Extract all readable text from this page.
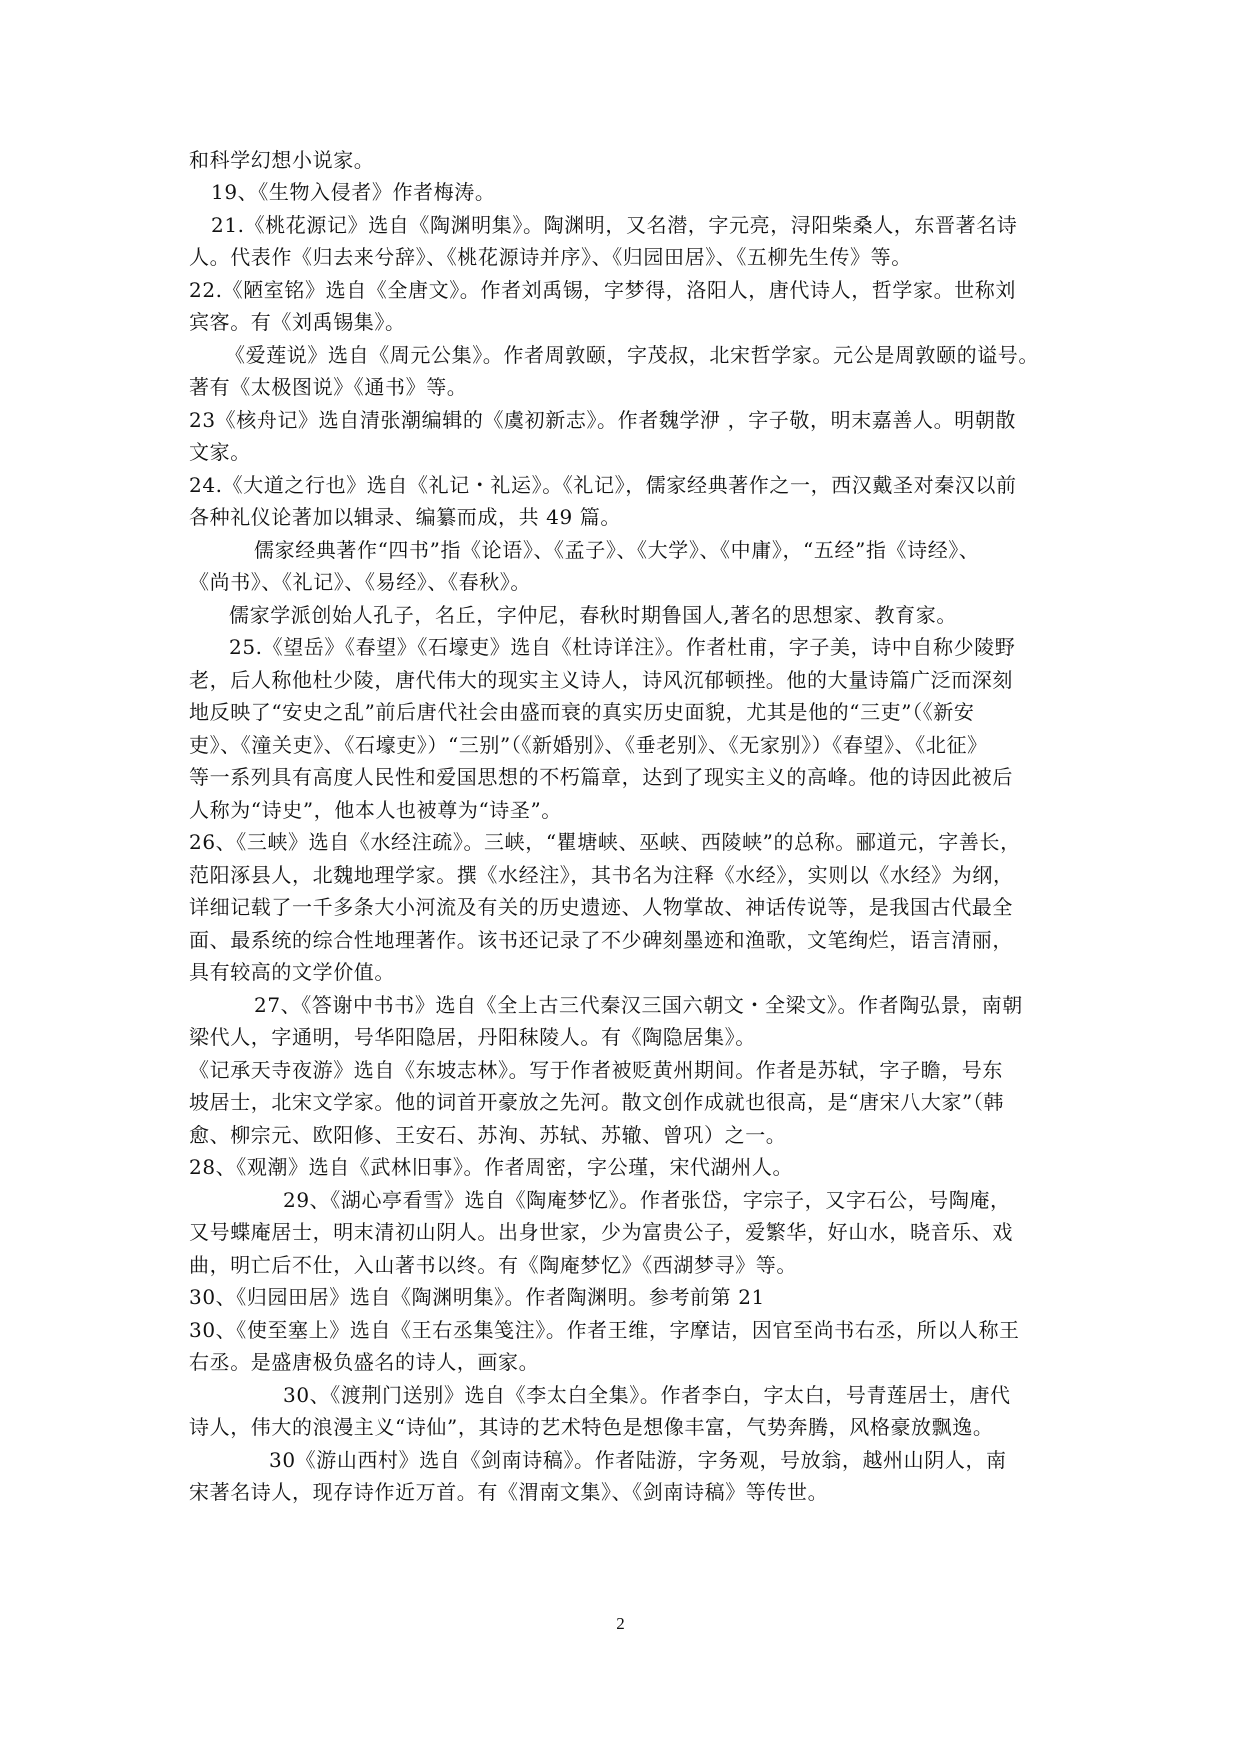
和科学幻想小说家。
19、《生物入侵者》作者梅涛。
21.《桃花源记》选自《陶渊明集》。陶渊明，又名潜，字元亮，浔阳柴桑人，东晋著名诗
人。代表作《归去来兮辞》、《桃花源诗并序》、《归园田居》、《五柳先生传》等。
22.《陋室铭》选自《全唐文》。作者刘禹锡，字梦得，洛阳人，唐代诗人，哲学家。世称刘
宾客。有《刘禹锡集》。
《爱莲说》选自《周元公集》。作者周敦颐，字茂叔，北宋哲学家。元公是周敦颐的谥号。
著有《太极图说》《通书》等。
23《核舟记》选自清张潮编辑的《虞初新志》。作者魏学洢 ，字子敬，明末嘉善人。明朝散
文家。
24.《大道之行也》选自《礼记・礼运》。《礼记》，儒家经典著作之一，西汉戴圣对秦汉以前
各种礼仪论著加以辑录、编纂而成，共 49 篇。
儒家经典著作“四书”指《论语》、《孟子》、《大学》、《中庸》，“五经”指《诗经》、
《尚书》、《礼记》、《易经》、《春秋》。
儒家学派创始人孔子，名丘，字仲尼，春秋时期鲁国人,著名的思想家、教育家。
25.《望岳》《春望》《石壕吏》选自《杜诗详注》。作者杜甫，字子美，诗中自称少陵野
老，后人称他杜少陵，唐代伟大的现实主义诗人，诗风沉郁顿挫。他的大量诗篇广泛而深刻
地反映了“安史之乱”前后唐代社会由盛而衰的真实历史面貌，尤其是他的“三吏”（《新安
吏》、《潼关吏》、《石壕吏》）“三别”（《新婚别》、《垂老别》、《无家别》）《春望》、《北征》
等一系列具有高度人民性和爱国思想的不朽篇章，达到了现实主义的高峰。他的诗因此被后
人称为“诗史”，他本人也被尊为“诗圣”。
26、《三峡》选自《水经注疏》。三峡，“瞿塘峡、巫峡、西陵峡”的总称。郦道元，字善长，
范阳涿县人，北魏地理学家。撰《水经注》，其书名为注释《水经》，实则以《水经》为纲，
详细记载了一千多条大小河流及有关的历史遗迹、人物掌故、神话传说等，是我国古代最全
面、最系统的综合性地理著作。该书还记录了不少碑刻墨迹和渔歌，文笔绚烂，语言清丽，
具有较高的文学价值。
27、《答谢中书书》选自《全上古三代秦汉三国六朝文・全梁文》。作者陶弘景，南朝
梁代人，字通明，号华阳隐居，丹阳秣陵人。有《陶隐居集》。
《记承天寺夜游》选自《东坡志林》。写于作者被贬黄州期间。作者是苏轼，字子瞻，号东
坡居士，北宋文学家。他的词首开豪放之先河。散文创作成就也很高，是“唐宋八大家”（韩
愈、柳宗元、欧阳修、王安石、苏洵、苏轼、苏辙、曾巩）之一。
28、《观潮》选自《武林旧事》。作者周密，字公瑾，宋代湖州人。
29、《湖心亭看雪》选自《陶庵梦忆》。作者张岱，字宗子，又字石公，号陶庵，
又号蝶庵居士，明末清初山阴人。出身世家，少为富贵公子，爱繁华，好山水，晓音乐、戏
曲，明亡后不仕，入山著书以终。有《陶庵梦忆》《西湖梦寻》等。
30、《归园田居》选自《陶渊明集》。作者陶渊明。参考前第 21
30、《使至塞上》选自《王右丞集笺注》。作者王维，字摩诘，因官至尚书右丞，所以人称王
右丞。是盛唐极负盛名的诗人，画家。
30、《渡荆门送别》选自《李太白全集》。作者李白，字太白，号青莲居士，唐代
诗人，伟大的浪漫主义“诗仙”，其诗的艺术特色是想像丰富，气势奔腾，风格豪放飘逸。
30《游山西村》选自《剑南诗稿》。作者陆游，字务观，号放翁，越州山阴人，南
宋著名诗人，现存诗作近万首。有《渭南文集》、《剑南诗稿》等传世。
2
